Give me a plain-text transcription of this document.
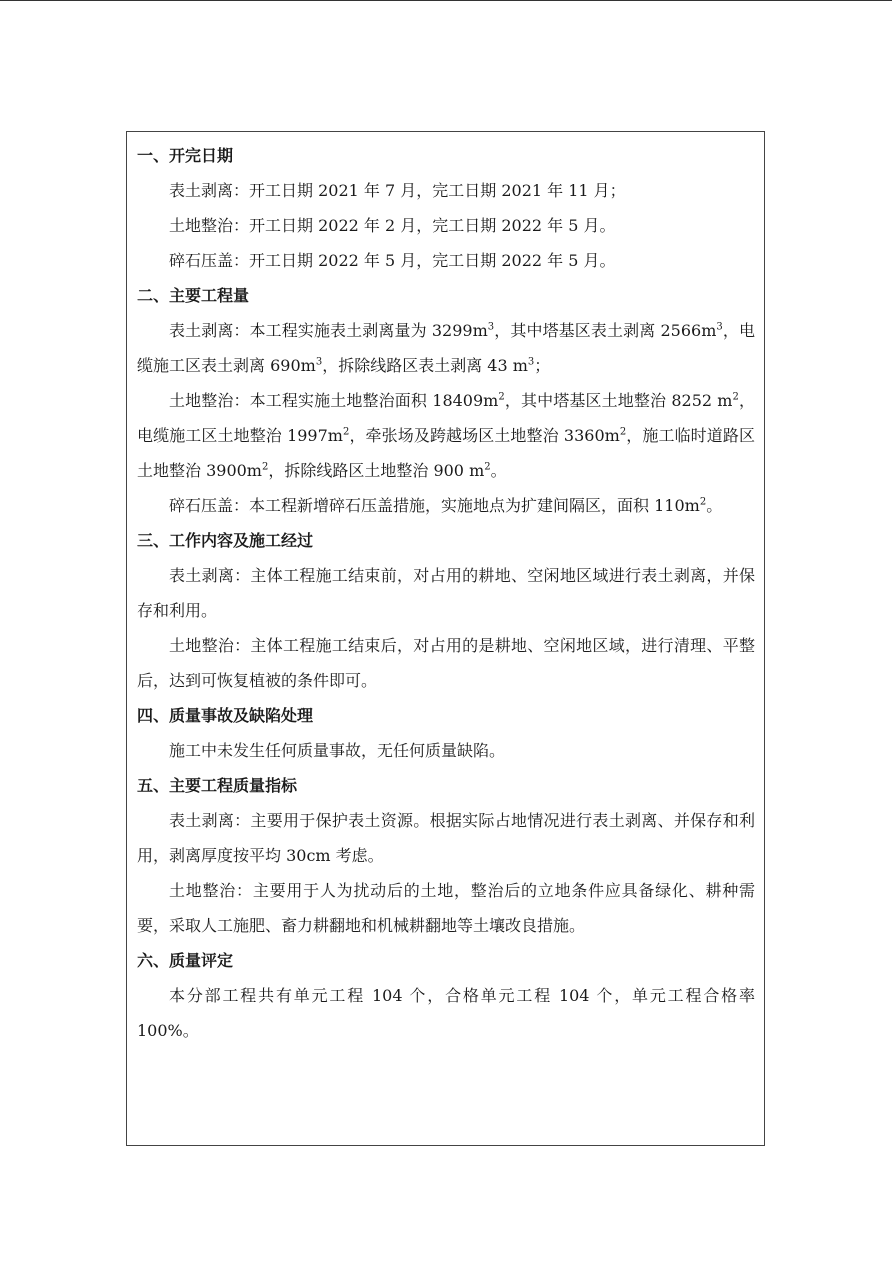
一、开完日期

表土剥离：开工日期 2021 年 7 月，完工日期 2021 年 11 月；

土地整治：开工日期 2022 年 2 月，完工日期 2022 年 5 月。

碎石压盖：开工日期 2022 年 5 月，完工日期 2022 年 5 月。

二、主要工程量

表土剥离：本工程实施表土剥离量为 $3299m^3$，其中塔基区表土剥离 $2566m^3$，电缆施工区表土剥离 $690m^3$，拆除线路区表土剥离 43 $m^3$；

土地整治：本工程实施土地整治面积 $18409m^2$，其中塔基区土地整治 8252 $m^2$，电缆施工区土地整治 $1997m^2$，牵张场及跨越场区土地整治 $3360m^2$，施工临时道路区土地整治 $3900m^2$，拆除线路区土地整治 900 $m^2$。

碎石压盖：本工程新增碎石压盖措施，实施地点为扩建间隔区，面积 $110m^2$。

三、工作内容及施工经过

表土剥离：主体工程施工结束前，对占用的耕地、空闲地区域进行表土剥离，并保存和利用。

土地整治：主体工程施工结束后，对占用的是耕地、空闲地区域，进行清理、平整后，达到可恢复植被的条件即可。

四、质量事故及缺陷处理

施工中未发生任何质量事故，无任何质量缺陷。

五、主要工程质量指标

表土剥离：主要用于保护表土资源。根据实际占地情况进行表土剥离、并保存和利用，剥离厚度按平均 30cm 考虑。

土地整治：主要用于人为扰动后的土地，整治后的立地条件应具备绿化、耕种需要，采取人工施肥、畜力耕翻地和机械耕翻地等土壤改良措施。

六、质量评定

本分部工程共有单元工程 104 个，合格单元工程 104 个，单元工程合格率 100%。
